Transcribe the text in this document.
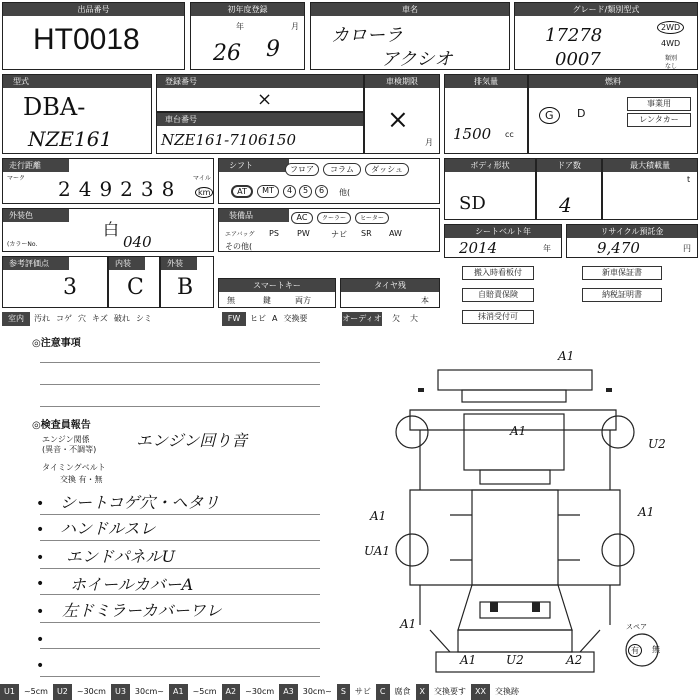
出品番号
HT0018
初年度登録
年	月
26 9
車名
カローラ
アクシオ
グレード/類別型式
17278
0007
2WD
4WD
類別
なし
型式
DBA-
NZE161
登録番号
×
車検期限
×
月
車台番号
NZE161-7106150
排気量
1500 cc
燃料
G	D
事業用
レンタカー
走行距離
マーク 249238 マイル
km
シフト	フロア	コラム	ダッシュ
AT	MT	4	5	6	他(
ボディ形状
SD
ドア数
4
最大積載量
t
外装色
白
(カラーNo.	040
装備品	AC	クーラー	ヒーター
エアバッグ PS PW	ナビ SR AW
その他(
シートベルト年
2014	年
リサイクル預託金
9,470	円
参考評価点
3
内装
C
外装
B	スマートキー
無	鍵	両方
タイヤ残
本
搬入時看板付	新車保証書
自賠責保険	納税証明書
抹消受付可
室内	汚れ コゲ 穴 キズ 破れ シミ	FW	ヒビ A 交換要	オーディオ 欠 大
◎注意事項
◎検査員報告
エンジン関係
(異音・不調等) エンジン回り音
タイミングベルト
交換 有・無
• シートコゲ穴・ヘタリ
• ハンドルスレ
• エンドパネルU
• ホイールカバーA
• 左ドミラーカバーワレ
•
•
A1
A1
U2
A1	A1
UA1
A1
A1 U2	A2
スペア
有	無
U1	~5cm	U2	~30cm	U3	30cm~	A1	~5cm	A2	~30cm	A3	30cm~	S	サビ	C	腐食	X	交換要す	XX	交換跡
